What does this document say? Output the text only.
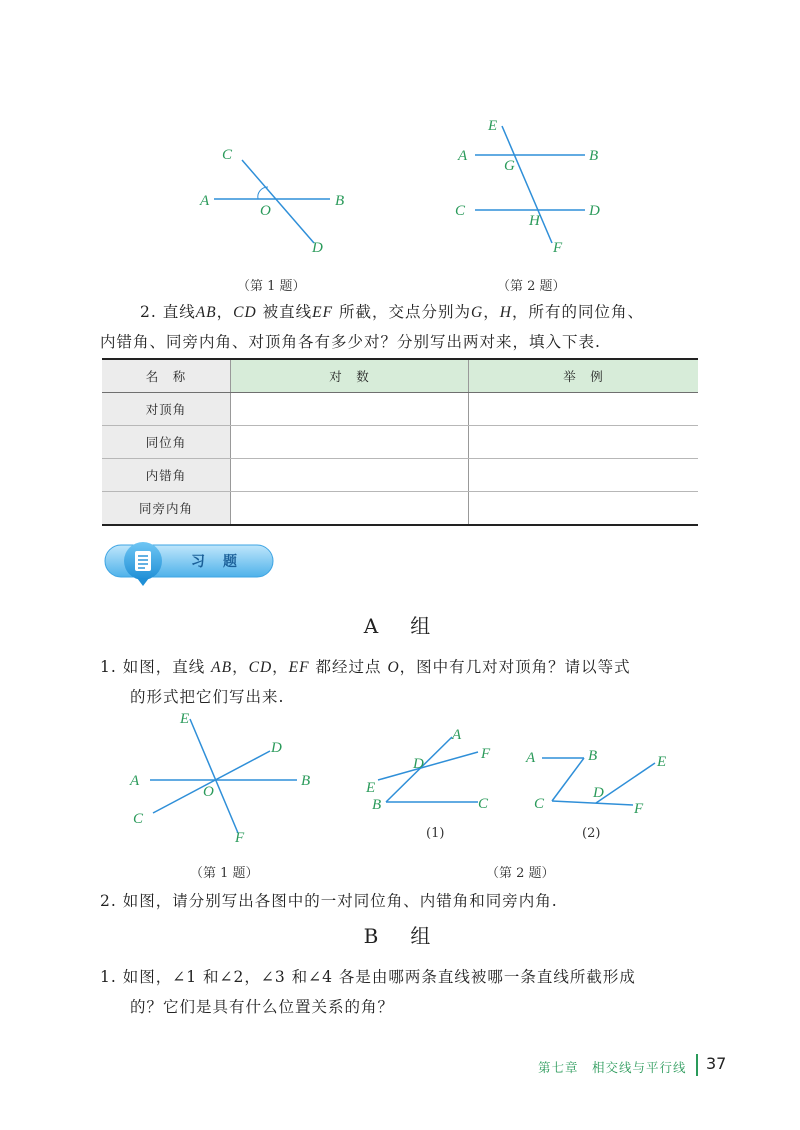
C
A
O
B
D
（第 1 题）
E
A
G
B
C
H
D
F
（第 2 题）
2. 直线AB，CD 被直线EF 所截，交点分别为G，H，所有的同位角、
内错角、同旁内角、对顶角各有多少对？分别写出两对来，填入下表.
名　称	对　数	举　例
对顶角		
同位角		
内错角		
同旁内角		
习　题
A　组
1. 如图，直线 AB，CD，EF 都经过点 O，图中有几对对顶角？请以等式
的形式把它们写出来.
E
D
A
O
B
C
F
（第 1 题）
A
F
D
E
B	C
(1)
A	B	E
C
D
F
(2)
（第 2 题）
2. 如图，请分别写出各图中的一对同位角、内错角和同旁内角.
B　组
1. 如图，∠1 和∠2，∠3 和∠4 各是由哪两条直线被哪一条直线所截形成
的？它们是具有什么位置关系的角？
第七章　相交线与平行线 37
